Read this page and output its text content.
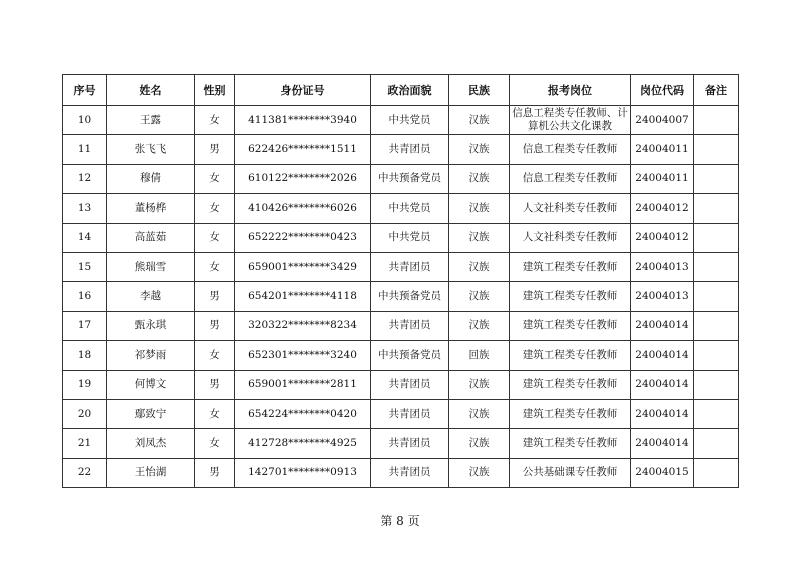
序号	姓名	性别	身份证号	政治面貌	民族	报考岗位	岗位代码	备注
10	王露	女	411381********3940	中共党员	汉族	信息工程类专任教师、计算机公共文化课教	24004007	
11	张飞飞	男	622426********1511	共青团员	汉族	信息工程类专任教师	24004011	
12	穆倩	女	610122********2026	中共预备党员	汉族	信息工程类专任教师	24004011	
13	董杨桦	女	410426********6026	中共党员	汉族	人文社科类专任教师	24004012	
14	高蓝茹	女	652222********0423	中共党员	汉族	人文社科类专任教师	24004012	
15	熊瑞雪	女	659001********3429	共青团员	汉族	建筑工程类专任教师	24004013	
16	李越	男	654201********4118	中共预备党员	汉族	建筑工程类专任教师	24004013	
17	甄永琪	男	320322********8234	共青团员	汉族	建筑工程类专任教师	24004014	
18	祁梦雨	女	652301********3240	中共预备党员	回族	建筑工程类专任教师	24004014	
19	何博文	男	659001********2811	共青团员	汉族	建筑工程类专任教师	24004014	
20	鄢致宁	女	654224********0420	共青团员	汉族	建筑工程类专任教师	24004014	
21	刘凤杰	女	412728********4925	共青团员	汉族	建筑工程类专任教师	24004014	
22	王怡湖	男	142701********0913	共青团员	汉族	公共基础课专任教师	24004015	
第 8 页
